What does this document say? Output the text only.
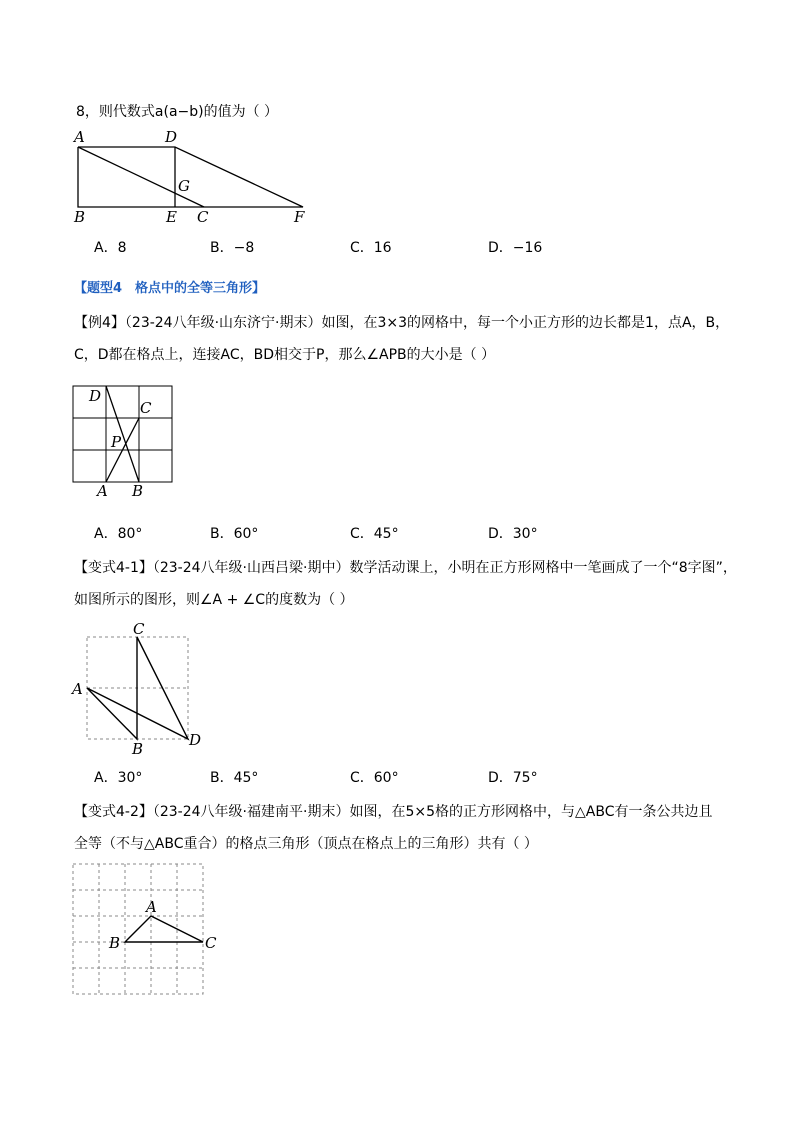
8，则代数式a(a−b)的值为（ ）
A	D
G
B	E C	F
A．8	B．−8	C．16	D．−16
【题型4　格点中的全等三角形】
【例4】（23-24八年级·山东济宁·期末）如图，在3×3的网格中，每一个小正方形的边长都是1，点A，B，
C，D都在格点上，连接AC，BD相交于P，那么∠APB的大小是（ ）
D
C
P
A B
A．80°	B．60°	C．45°	D．30°
【变式4-1】（23-24八年级·山西吕梁·期中）数学活动课上，小明在正方形网格中一笔画成了一个“8字图”，
如图所示的图形，则∠A + ∠C的度数为（ ）
C
A
B	D
A．30°	B．45°	C．60°	D．75°
【变式4-2】（23-24八年级·福建南平·期末）如图，在5×5格的正方形网格中，与△ABC有一条公共边且
全等（不与△ABC重合）的格点三角形（顶点在格点上的三角形）共有（ ）
A
B	C
